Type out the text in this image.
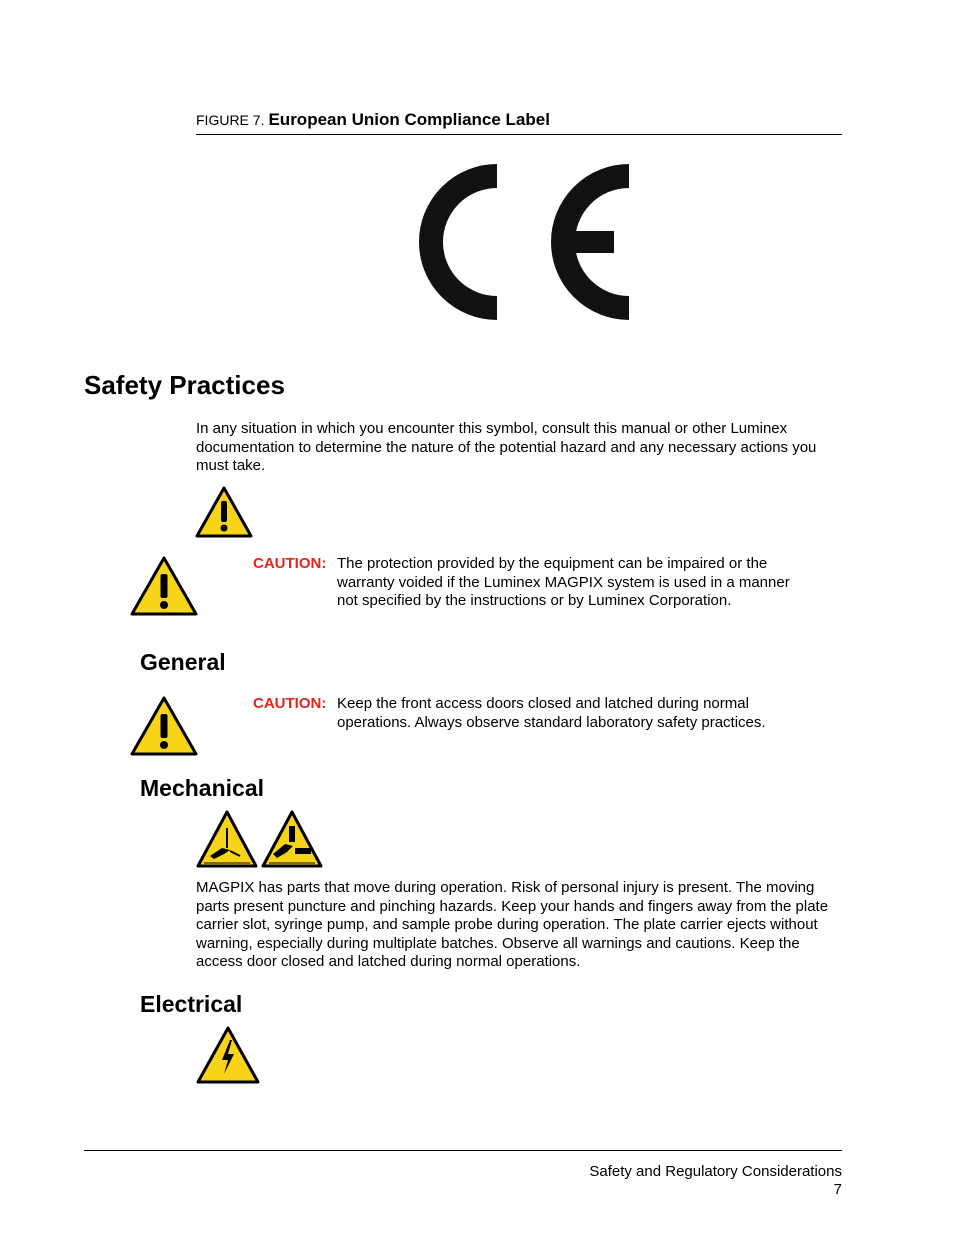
FIGURE 7. European Union Compliance Label
Safety Practices

In any situation in which you encounter this symbol, consult this manual or other Luminex documentation to determine the nature of the potential hazard and any necessary actions you must take.

CAUTION: The protection provided by the equipment can be impaired or the warranty voided if the Luminex MAGPIX system is used in a manner not specified by the instructions or by Luminex Corporation.

General
CAUTION: Keep the front access doors closed and latched during normal operations. Always observe standard laboratory safety practices.

Mechanical

MAGPIX has parts that move during operation. Risk of personal injury is present. The moving parts present puncture and pinching hazards. Keep your hands and fingers away from the plate carrier slot, syringe pump, and sample probe during operation. The plate carrier ejects without warning, especially during multiplate batches. Observe all warnings and cautions. Keep the access door closed and latched during normal operations.

Electrical
Safety and Regulatory Considerations
7
